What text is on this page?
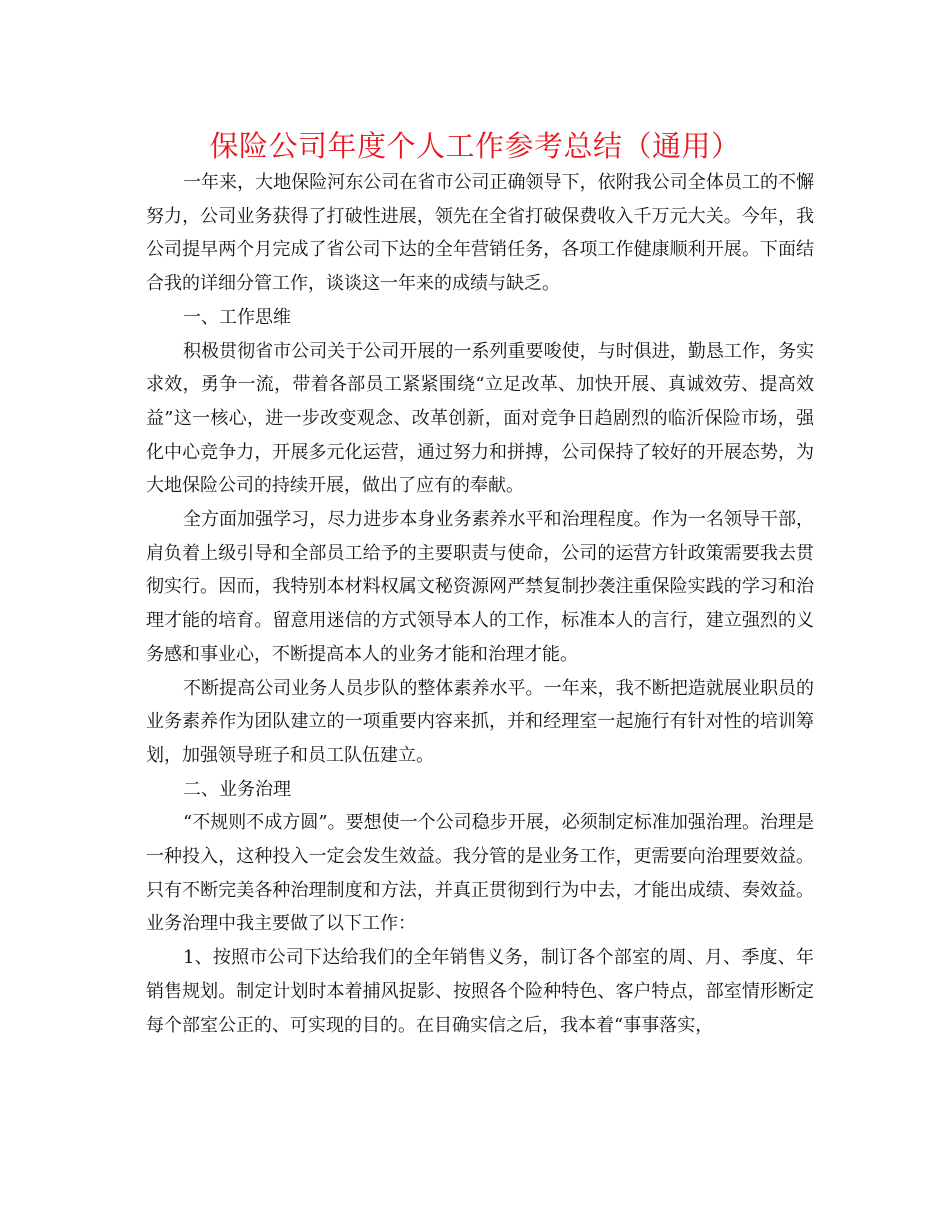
保险公司年度个人工作参考总结（通用）

一年来，大地保险河东公司在省市公司正确领导下，依附我公司全体员工的不懈努力，公司业务获得了打破性进展，领先在全省打破保费收入千万元大关。今年，我公司提早两个月完成了省公司下达的全年营销任务，各项工作健康顺利开展。下面结合我的详细分管工作，谈谈这一年来的成绩与缺乏。

一、工作思维

积极贯彻省市公司关于公司开展的一系列重要唆使，与时俱进，勤恳工作，务实求效，勇争一流，带着各部员工紧紧围绕“立足改革、加快开展、真诚效劳、提高效益”这一核心，进一步改变观念、改革创新，面对竞争日趋剧烈的临沂保险市场，强化中心竞争力，开展多元化运营，通过努力和拼搏，公司保持了较好的开展态势，为大地保险公司的持续开展，做出了应有的奉献。

全方面加强学习，尽力进步本身业务素养水平和治理程度。作为一名领导干部，肩负着上级引导和全部员工给予的主要职责与使命，公司的运营方针政策需要我去贯彻实行。因而，我特别本材料权属文秘资源网严禁复制抄袭注重保险实践的学习和治理才能的培育。留意用迷信的方式领导本人的工作，标准本人的言行，建立强烈的义务感和事业心，不断提高本人的业务才能和治理才能。

不断提高公司业务人员步队的整体素养水平。一年来，我不断把造就展业职员的业务素养作为团队建立的一项重要内容来抓，并和经理室一起施行有针对性的培训筹划，加强领导班子和员工队伍建立。

二、业务治理

“不规则不成方圆”。要想使一个公司稳步开展，必须制定标准加强治理。治理是一种投入，这种投入一定会发生效益。我分管的是业务工作，更需要向治理要效益。只有不断完美各种治理制度和方法，并真正贯彻到行为中去，才能出成绩、奏效益。业务治理中我主要做了以下工作：

1、按照市公司下达给我们的全年销售义务，制订各个部室的周、月、季度、年销售规划。制定计划时本着捕风捉影、按照各个险种特色、客户特点，部室情形断定每个部室公正的、可实现的目的。在目确实信之后，我本着“事事落实，
